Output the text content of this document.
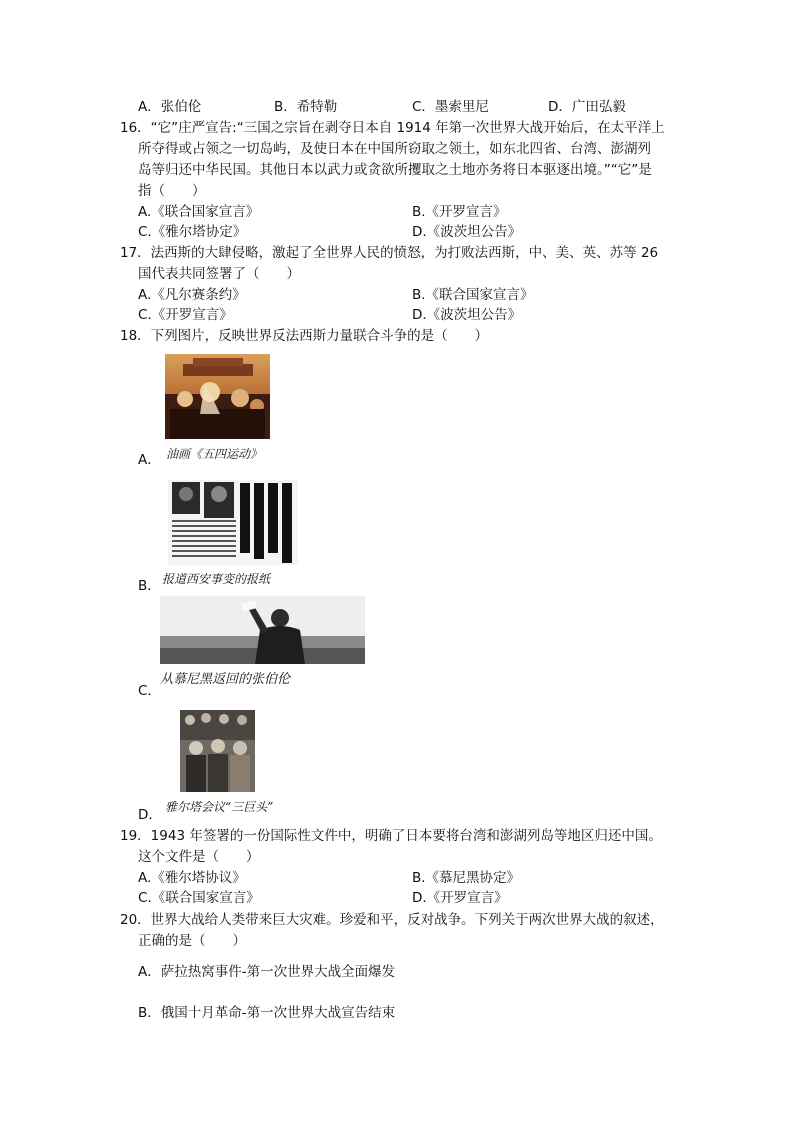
A．张伯伦	B．希特勒	C．墨索里尼	D．广田弘毅
16．“它”庄严宣告:“三国之宗旨在剥夺日本自 1914 年第一次世界大战开始后，在太平洋上
所夺得或占领之一切岛屿，及使日本在中国所窃取之领土，如东北四省、台湾、澎湖列
岛等归还中华民国。其他日本以武力或贪欲所攫取之土地亦务将日本驱逐出境。”“它”是
指（　　）
A.《联合国家宣言》	B.《开罗宣言》
C.《雅尔塔协定》	D.《波茨坦公告》
17．法西斯的大肆侵略，激起了全世界人民的愤怒，为打败法西斯，中、美、英、苏等 26
国代表共同签署了（　　）
A.《凡尔赛条约》	B.《联合国家宣言》
C.《开罗宣言》	D.《波茨坦公告》
18．下列图片，反映世界反法西斯力量联合斗争的是（　　）
A． 油画《五四运动》
B． 报道西安事变的报纸
从慕尼黑返回的张伯伦
C．
D． 雅尔塔会议“三巨头”
19．1943 年签署的一份国际性文件中，明确了日本要将台湾和澎湖列岛等地区归还中国。
这个文件是（　　）
A.《雅尔塔协议》	B.《慕尼黑协定》
C.《联合国家宣言》	D.《开罗宣言》
20．世界大战给人类带来巨大灾难。珍爱和平，反对战争。下列关于两次世界大战的叙述，
正确的是（　　）
A．萨拉热窝事件-第一次世界大战全面爆发
B．俄国十月革命-第一次世界大战宣告结束
